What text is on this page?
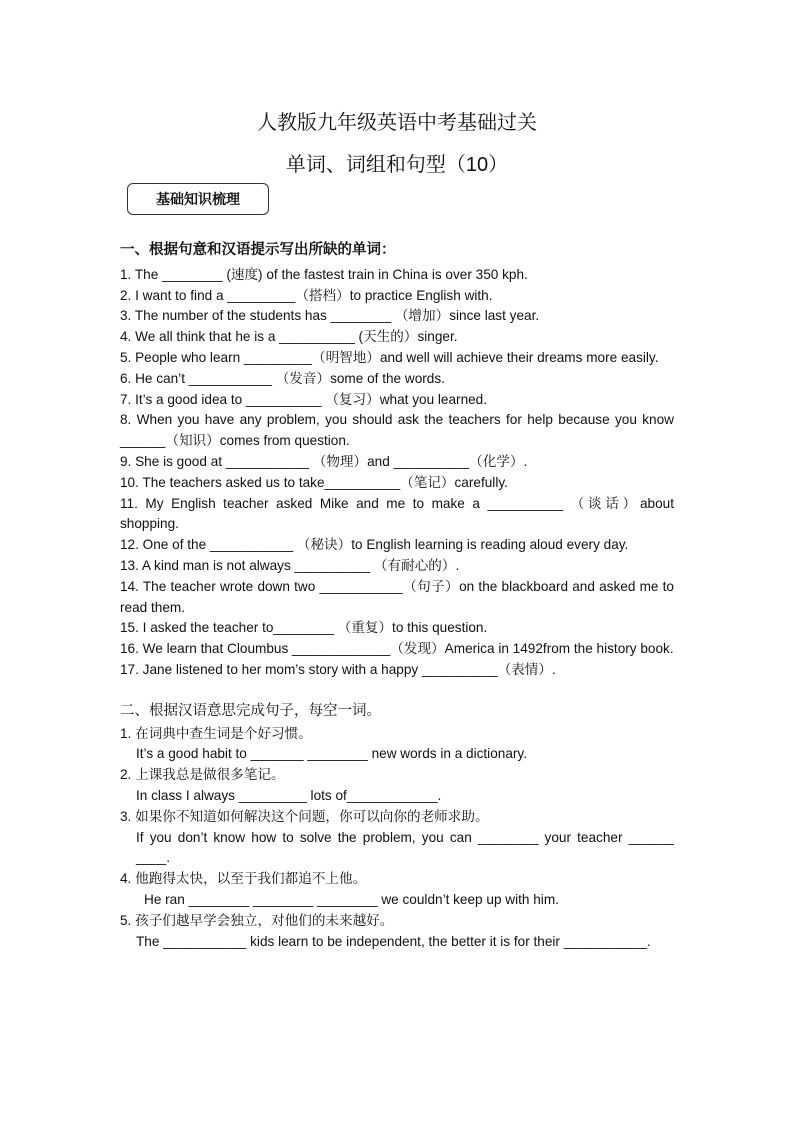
人教版九年级英语中考基础过关
单词、词组和句型（10）
基础知识梳理
一、根据句意和汉语提示写出所缺的单词：
1. The ________ (速度) of the fastest train in China is over 350 kph.
2. I want to find a _________（搭档）to practice English with.
3. The number of the students has ________ （增加）since last year.
4. We all think that he is a __________ (天生的）singer.
5. People who learn _________（明智地）and well will achieve their dreams more easily.
6. He can’t ___________ （发音）some of the words.
7. It’s a good idea to __________ （复习）what you learned.
8. When you have any problem, you should ask the teachers for help because you know ______（知识）comes from question.
9. She is good at ___________ （物理）and __________（化学）.
10. The teachers asked us to take__________（笔记）carefully.
11. My English teacher asked Mike and me to make a __________ （谈话）about shopping.
12. One of the ___________ （秘诀）to English learning is reading aloud every day.
13. A kind man is not always __________ （有耐心的）.
14. The teacher wrote down two ___________（句子）on the blackboard and asked me to read them.
15. I asked the teacher to________ （重复）to this question.
16. We learn that Cloumbus _____________（发现）America in 1492from the history book.
17. Jane listened to her mom’s story with a happy __________（表情）.
二、根据汉语意思完成句子，每空一词。
1. 在词典中查生词是个好习惯。
It’s a good habit to _______ ________ new words in a dictionary.
2. 上课我总是做很多笔记。
In class I always _________ lots of____________.
3. 如果你不知道如何解决这个问题，你可以向你的老师求助。
If you don’t know how to solve the problem, you can ________ your teacher ______ ____.
4. 他跑得太快，以至于我们都追不上他。
He ran ________ ________ ________ we couldn’t keep up with him.
5. 孩子们越早学会独立，对他们的未来越好。
The ___________ kids learn to be independent, the better it is for their ___________.
